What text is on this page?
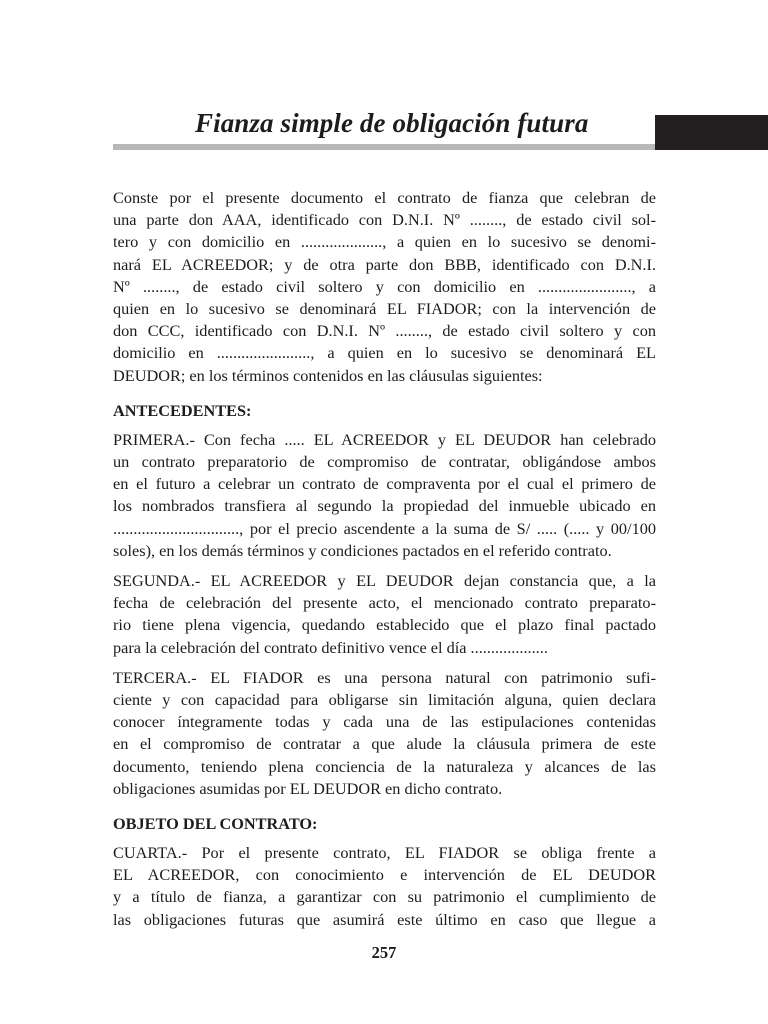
Fianza simple de obligación futura

Conste por el presente documento el contrato de fianza que celebran de
una parte don AAA, identificado con D.N.I. Nº ........, de estado civil sol-
tero y con domicilio en ...................., a quien en lo sucesivo se denomi-
nará EL ACREEDOR; y de otra parte don BBB, identificado con D.N.I.
Nº ........, de estado civil soltero y con domicilio en ......................., a
quien en lo sucesivo se denominará EL FIADOR; con la intervención de
don CCC, identificado con D.N.I. Nº ........, de estado civil soltero y con
domicilio en ......................., a quien en lo sucesivo se denominará EL
DEUDOR; en los términos contenidos en las cláusulas siguientes:

ANTECEDENTES:

PRIMERA.- Con fecha ..... EL ACREEDOR y EL DEUDOR han celebrado
un contrato preparatorio de compromiso de contratar, obligándose ambos
en el futuro a celebrar un contrato de compraventa por el cual el primero de
los nombrados transfiera al segundo la propiedad del inmueble ubicado en
..............................., por el precio ascendente a la suma de S/ ..... (..... y 00/100
soles), en los demás términos y condiciones pactados en el referido contrato.

SEGUNDA.- EL ACREEDOR y EL DEUDOR dejan constancia que, a la
fecha de celebración del presente acto, el mencionado contrato preparato-
rio tiene plena vigencia, quedando establecido que el plazo final pactado
para la celebración del contrato definitivo vence el día ...................

TERCERA.- EL FIADOR es una persona natural con patrimonio sufi-
ciente y con capacidad para obligarse sin limitación alguna, quien declara
conocer íntegramente todas y cada una de las estipulaciones contenidas
en el compromiso de contratar a que alude la cláusula primera de este
documento, teniendo plena conciencia de la naturaleza y alcances de las
obligaciones asumidas por EL DEUDOR en dicho contrato.

OBJETO DEL CONTRATO:

CUARTA.- Por el presente contrato, EL FIADOR se obliga frente a
EL ACREEDOR, con conocimiento e intervención de EL DEUDOR
y a título de fianza, a garantizar con su patrimonio el cumplimiento de
las obligaciones futuras que asumirá este último en caso que llegue a

257
